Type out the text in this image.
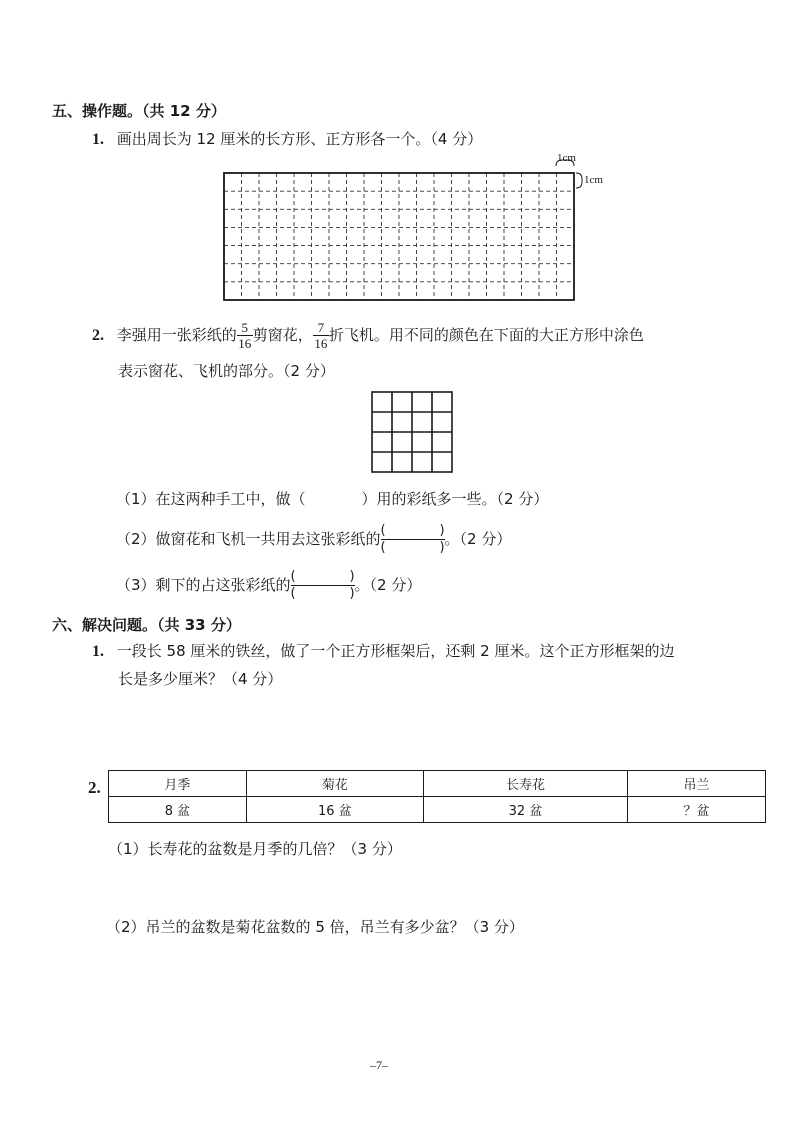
五、操作题。（共 12 分）
1. 画出周长为 12 厘米的长方形、正方形各一个。（4 分）
1cm
1cm
2. 李强用一张彩纸的 $\frac{5}{16}$ 剪窗花， $\frac{7}{16}$ 折飞机。用不同的颜色在下面的大正方形中涂色
表示窗花、飞机的部分。（2 分）
（1）在这两种手工中，做（	）用的彩纸多一些。（2 分）
（2）做窗花和飞机一共用去这张彩纸的 (	)

(	)
。（2 分）
（3）剩下的占这张彩纸的 (	)

(	)
。（2 分）
六、解决问题。（共 33 分）
1. 一段长 58 厘米的铁丝，做了一个正方形框架后，还剩 2 厘米。这个正方形框架的边
长是多少厘米？（4 分）
2.	月季	菊花	长寿花	吊兰
8 盆	16 盆	32 盆	？盆
（1）长寿花的盆数是月季的几倍？（3 分）
（2）吊兰的盆数是菊花盆数的 5 倍，吊兰有多少盆？（3 分）
–7–
